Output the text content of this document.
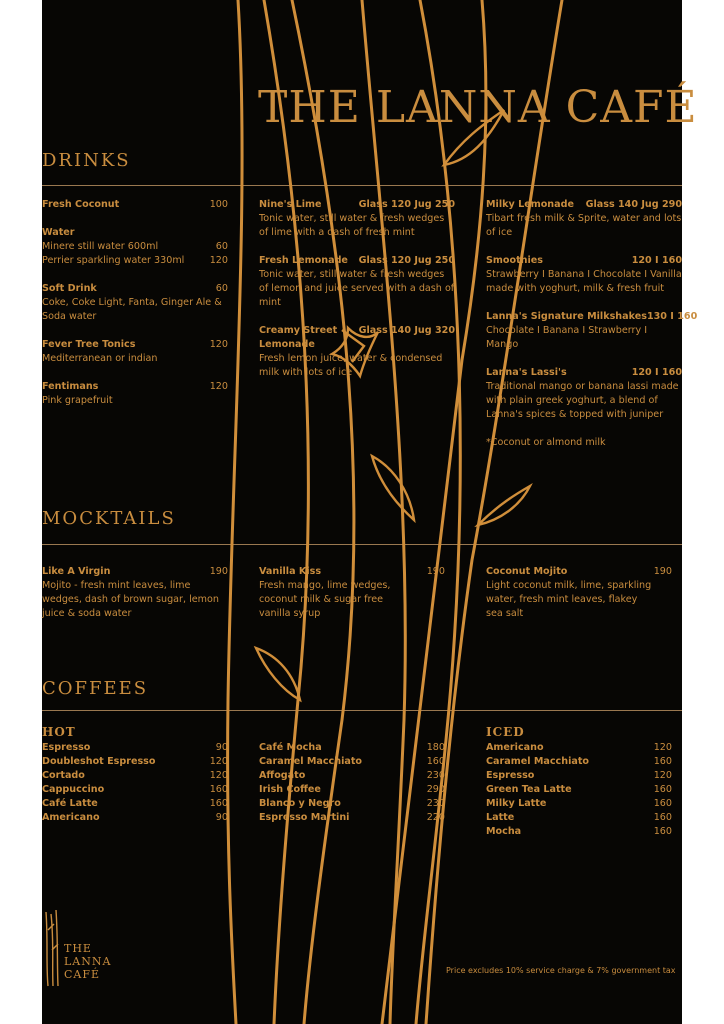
THE LANNA CAFÉ
DRINKS
Fresh Coconut	100
Water
Minere still water 600ml	60
Perrier sparkling water 330ml	120
Soft Drink	60
Coke, Coke Light, Fanta, Ginger Ale & Soda water
Fever Tree Tonics	120
Mediterranean or indian
Fentimans	120
Pink grapefruit
Nine's Lime	Glass 120 Jug 250
Tonic water, still water & fresh wedges of lime with a dash of fresh mint
Fresh Lemonade Glass 120 Jug 250
Tonic water, still water & fresh wedges of lemon and juice served with a dash of mint
Creamy Street Lemonade
Glass 140 Jug 320
Fresh lemon juice, water & condensed milk with lots of ice
Milky Lemonade Glass 140 Jug 290
Tibart fresh milk & Sprite, water and lots of ice
Smoothies	120 I 160
Strawberry I Banana I Chocolate I Vanilla made with yoghurt, milk & fresh fruit
Lanna's Signature Milkshakes 130 I 160
Chocolate I Banana I Strawberry I Mango
Lanna's Lassi's	120 I 160
Traditional mango or banana lassi made with plain greek yoghurt, a blend of Lanna's spices & topped with juniper
*Coconut or almond milk
MOCKTAILS
Like A Virgin	190
Mojito - fresh mint leaves, lime wedges, dash of brown sugar, lemon juice & soda water
Vanilla Kiss	190
Fresh mango, lime wedges, coconut milk & sugar free vanilla syrup
Coconut Mojito	190
Light coconut milk, lime, sparkling water, fresh mint leaves, flakey sea salt
COFFEES
HOT
Espresso	90
Doubleshot Espresso	120
Cortado	120
Cappuccino	160
Café Latte	160
Americano	90
Café Mocha	180
Caramel Macchiato	160
Affogato	230
Irish Coffee	290
Blanco y Negro	230
Espresso Martini	220
ICED
Americano	120
Caramel Macchiato	160
Espresso	120
Green Tea Latte	160
Milky Latte	160
Latte	160
Mocha	160
THE
LANNA
CAFÉ	Price excludes 10% service charge & 7% government tax
